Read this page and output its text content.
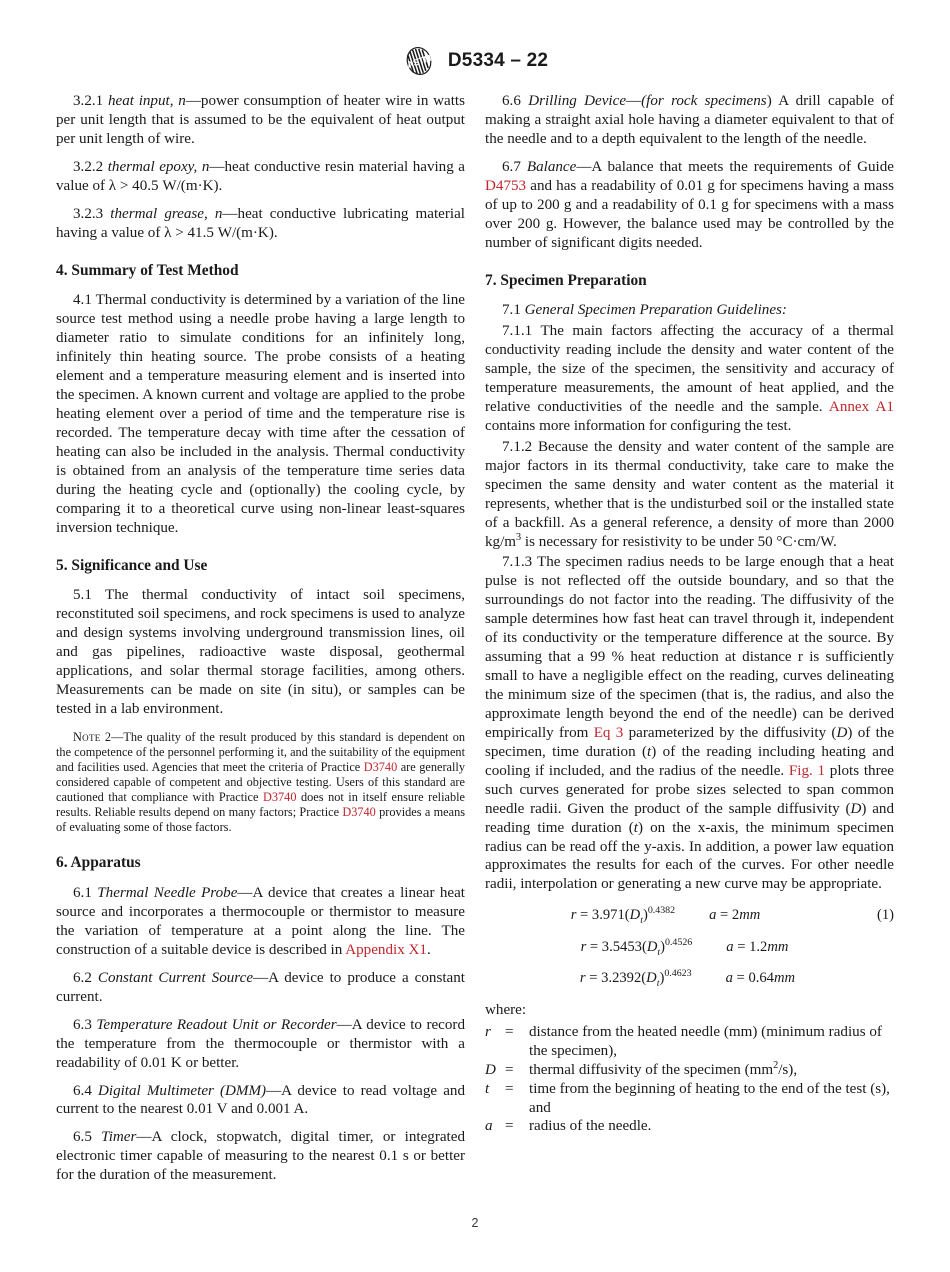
ASTM D5334 – 22

3.2.1 heat input, n—power consumption of heater wire in watts per unit length that is assumed to be the equivalent of heat output per unit length of wire.

3.2.2 thermal epoxy, n—heat conductive resin material having a value of λ > 40.5 W/(m·K).

3.2.3 thermal grease, n—heat conductive lubricating material having a value of λ > 41.5 W/(m·K).

4. Summary of Test Method

4.1 Thermal conductivity is determined by a variation of the line source test method using a needle probe having a large length to diameter ratio to simulate conditions for an infinitely long, infinitely thin heating source. The probe consists of a heating element and a temperature measuring element and is inserted into the specimen. A known current and voltage are applied to the probe heating element over a period of time and the temperature rise is recorded. The temperature decay with time after the cessation of heating can also be included in the analysis. Thermal conductivity is obtained from an analysis of the temperature time series data during the heating cycle and (optionally) the cooling cycle, by comparing it to a theoretical curve using non-linear least-squares inversion technique.

5. Significance and Use

5.1 The thermal conductivity of intact soil specimens, reconstituted soil specimens, and rock specimens is used to analyze and design systems involving underground transmission lines, oil and gas pipelines, radioactive waste disposal, geothermal applications, and solar thermal storage facilities, among others. Measurements can be made on site (in situ), or samples can be tested in a lab environment.

Note 2—The quality of the result produced by this standard is dependent on the competence of the personnel performing it, and the suitability of the equipment and facilities used. Agencies that meet the criteria of Practice D3740 are generally considered capable of competent and objective testing. Users of this standard are cautioned that compliance with Practice D3740 does not in itself ensure reliable results. Reliable results depend on many factors; Practice D3740 provides a means of evaluating some of those factors.

6. Apparatus

6.1 Thermal Needle Probe—A device that creates a linear heat source and incorporates a thermocouple or thermistor to measure the variation of temperature at a point along the line. The construction of a suitable device is described in Appendix X1.

6.2 Constant Current Source—A device to produce a constant current.

6.3 Temperature Readout Unit or Recorder—A device to record the temperature from the thermocouple or thermistor with a readability of 0.01 K or better.

6.4 Digital Multimeter (DMM)—A device to read voltage and current to the nearest 0.01 V and 0.001 A.

6.5 Timer—A clock, stopwatch, digital timer, or integrated electronic timer capable of measuring to the nearest 0.1 s or better for the duration of the measurement.

6.6 Drilling Device—(for rock specimens) A drill capable of making a straight axial hole having a diameter equivalent to that of the needle and to a depth equivalent to the length of the needle.

6.7 Balance—A balance that meets the requirements of Guide D4753 and has a readability of 0.01 g for specimens having a mass of up to 200 g and a readability of 0.1 g for specimens with a mass over 200 g. However, the balance used may be controlled by the number of significant digits needed.

7. Specimen Preparation

7.1 General Specimen Preparation Guidelines:

7.1.1 The main factors affecting the accuracy of a thermal conductivity reading include the density and water content of the sample, the size of the specimen, the sensitivity and accuracy of temperature measurements, the amount of heat applied, and the relative conductivities of the needle and the sample. Annex A1 contains more information for configuring the test.

7.1.2 Because the density and water content of the sample are major factors in its thermal conductivity, take care to make the specimen the same density and water content as the material it represents, whether that is the undisturbed soil or the installed state of a backfill. As a general reference, a density of more than 2000 $kg/m^3$ is necessary for resistivity to be under 50 °C·cm/W.

7.1.3 The specimen radius needs to be large enough that a heat pulse is not reflected off the outside boundary, and so that the surroundings do not factor into the reading. The diffusivity of the sample determines how fast heat can travel through it, independent of its conductivity or the temperature difference at the source. By assuming that a 99 % heat reduction at distance r is sufficiently small to have a negligible effect on the reading, curves delineating the minimum size of the specimen (that is, the radius, and also the approximate length beyond the end of the needle) can be derived empirically from Eq 3 parameterized by the diffusivity (D) of the specimen, time duration (t) of the reading including heating and cooling if included, and the radius of the needle. Fig. 1 plots three such curves generated for probe sizes selected to span common needle radii. Given the product of the sample diffusivity (D) and reading time duration (t) on the x-axis, the minimum specimen radius can be read off the y-axis. In addition, a power law equation approximates the results for each of the curves. For other needle radii, interpolation or generating a new curve may be appropriate.

$r = 3.971(D_t)^{0.4382}$ a = 2mm	(1)
$r = 3.5453(D_t)^{0.4526}$ a = 1.2mm
$r = 3.2392(D_t)^{0.4623}$ a = 0.64mm
where:
r	=	distance from the heated needle (mm) (minimum radius of the specimen),
D	=	thermal diffusivity of the specimen $(mm^2/s)$,
t	=	time from the beginning of heating to the end of the test (s), and
a	=	radius of the needle.
2
